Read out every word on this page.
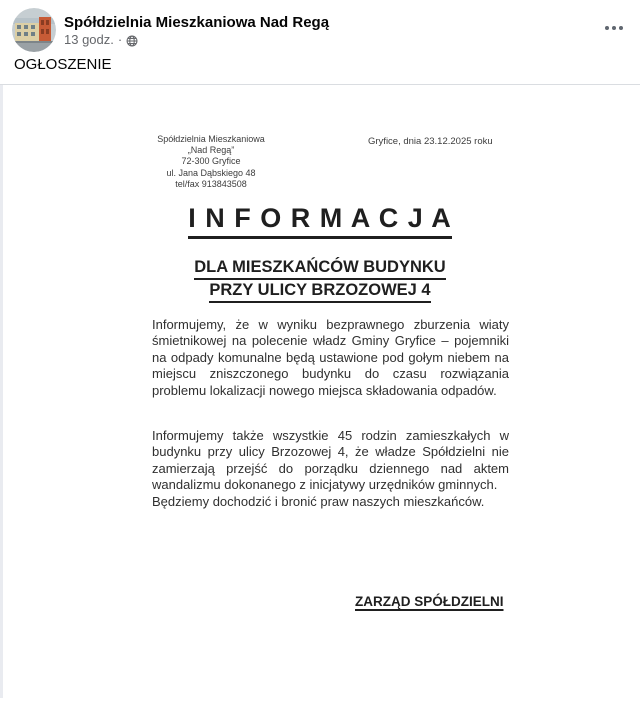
Spółdzielnia Mieszkaniowa Nad Regą
13 godz. ·
OGŁOSZENIE
Spółdzielnia Mieszkaniowa
„Nad Regą”
72-300 Gryfice
ul. Jana Dąbskiego 48
tel/fax 913843508
Gryfice, dnia 23.12.2025 roku
I N F O R M A C J A
DLA MIESZKAŃCÓW BUDYNKU
PRZY ULICY BRZOZOWEJ 4
Informujemy, że w wyniku bezprawnego zburzenia wiaty śmietnikowej na polecenie władz Gminy Gryfice – pojemniki na odpady komunalne będą ustawione pod gołym niebem na miejscu zniszczonego budynku do czasu rozwiązania problemu lokalizacji nowego miejsca składowania odpadów.
Informujemy także wszystkie 45 rodzin zamieszkałych w budynku przy ulicy Brzozowej 4, że władze Spółdzielni nie zamierzają przejść do porządku dziennego nad aktem wandalizmu dokonanego z inicjatywy urzędników gminnych.
Będziemy dochodzić i bronić praw naszych mieszkańców.
ZARZĄD SPÓŁDZIELNI
